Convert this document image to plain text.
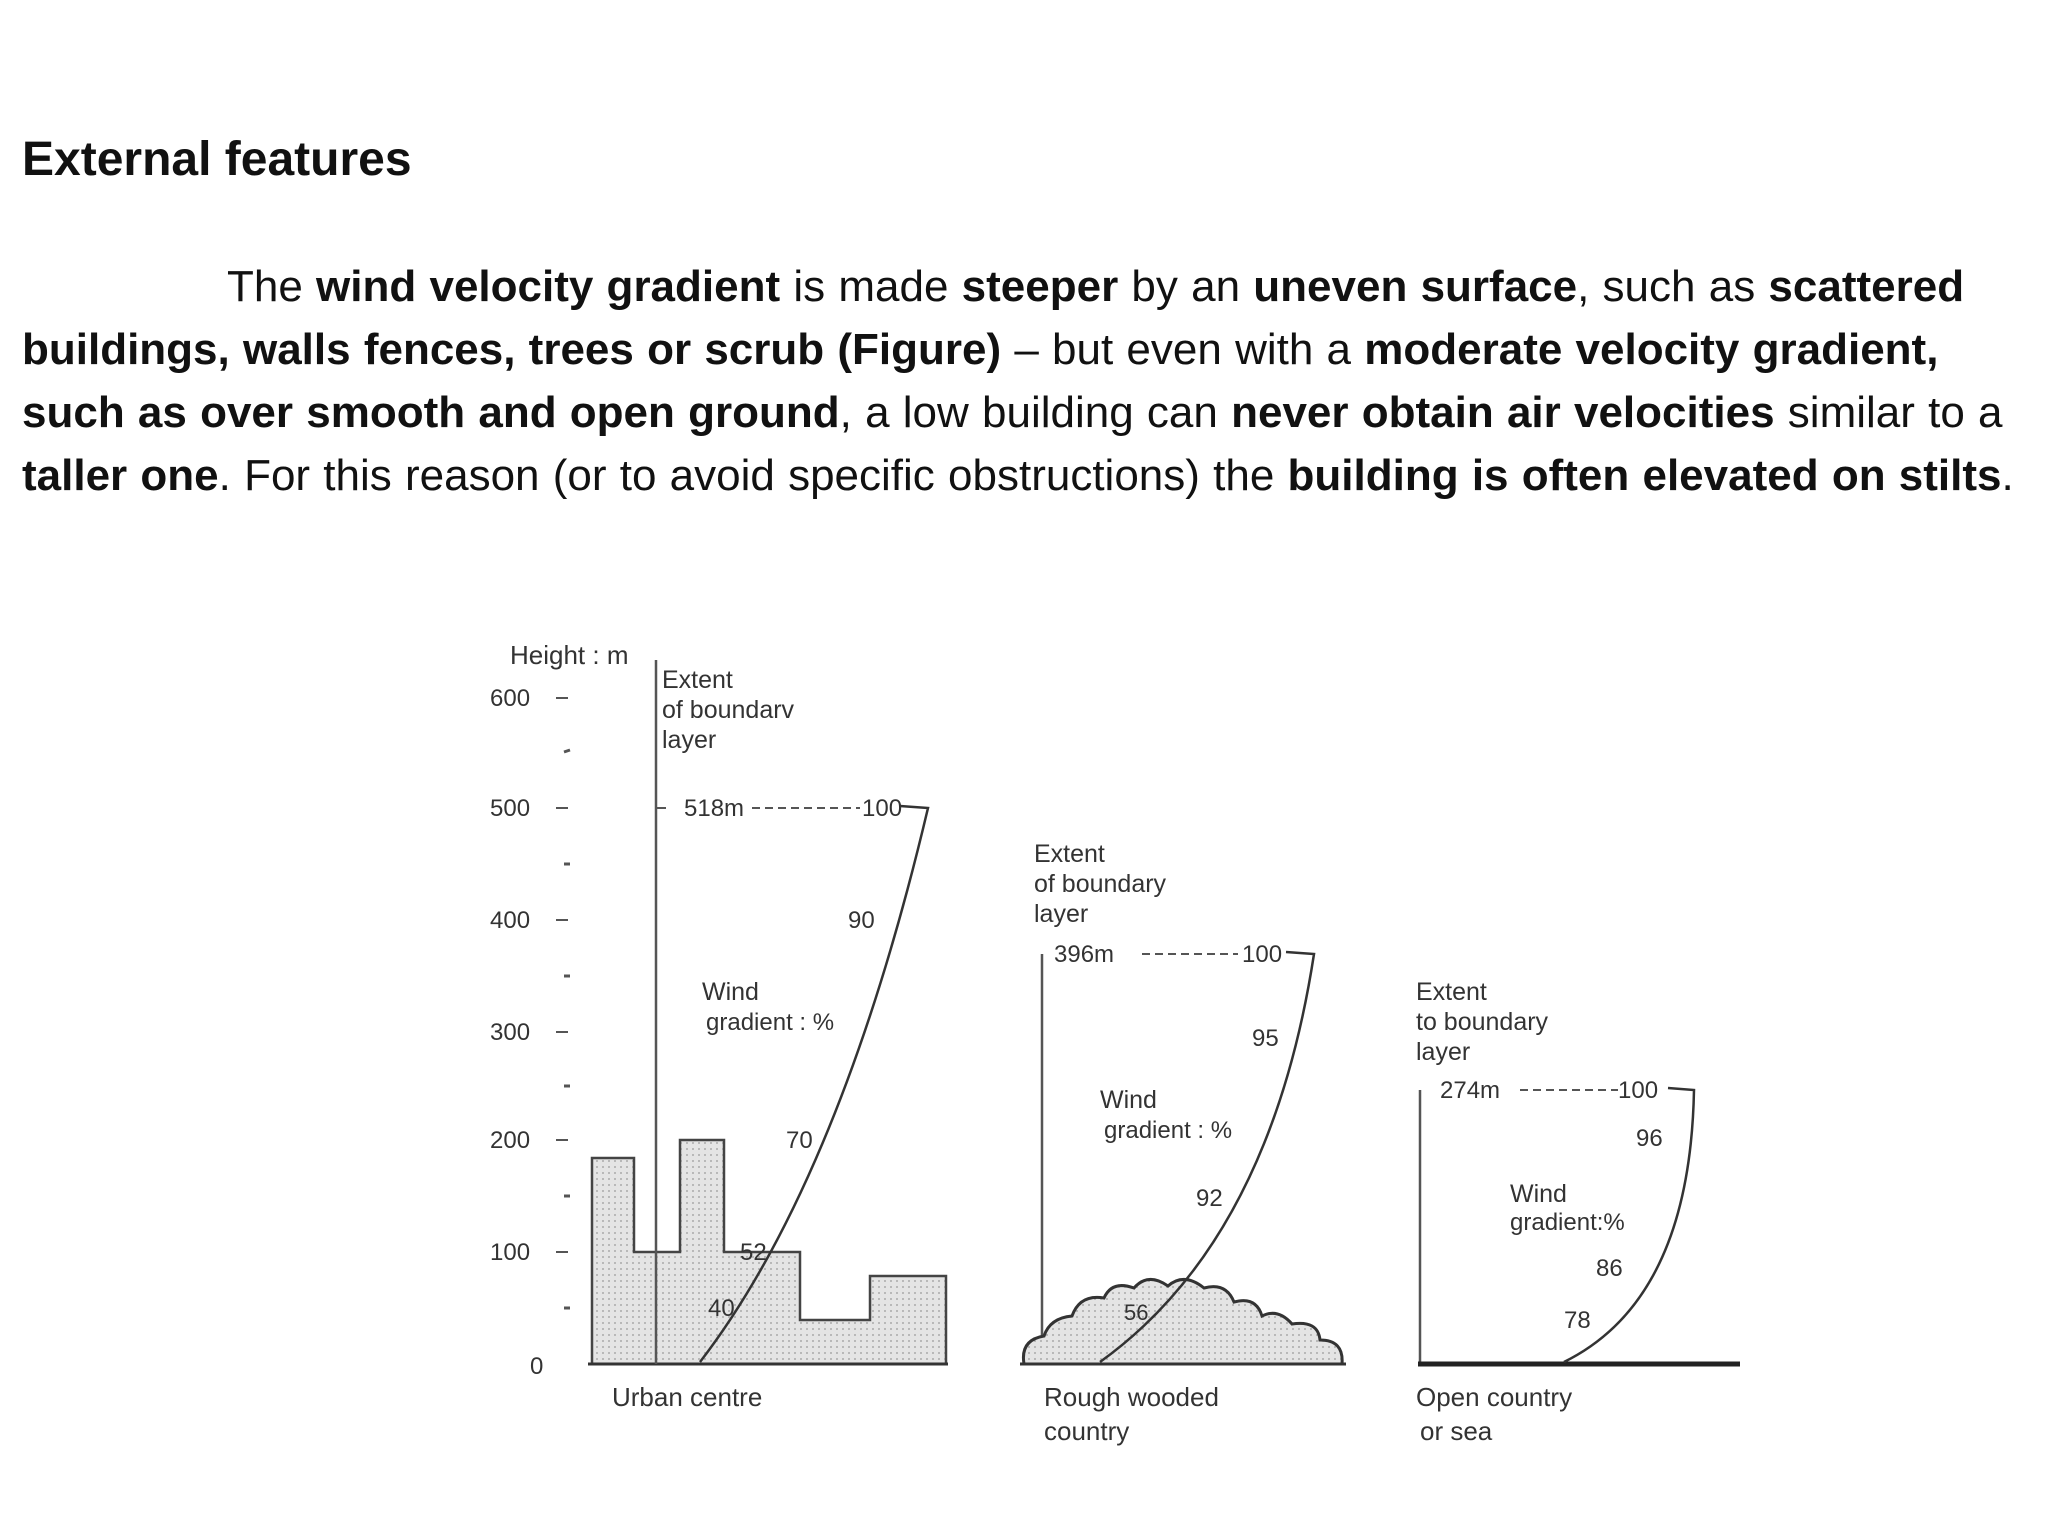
External features

The wind velocity gradient is made steeper by an uneven surface, such as scattered buildings, walls fences, trees or scrub (Figure) – but even with a moderate velocity gradient, such as over smooth and open ground, a low building can never obtain air velocities similar to a taller one. For this reason (or to avoid specific obstructions) the building is often elevated on stilts.

Height : m
600
500
400
300
200
100
0
Extent
of boundarv
layer
518m	100
Wind
gradient : %
90
70
52
40
Urban centre
Extent
of boundary
layer
396m	100
Wind
gradient : %
95
92
56
Rough wooded
country
Extent
to boundary
layer
274m	100
Wind
gradient:%
96
86
78
Open country
or sea
